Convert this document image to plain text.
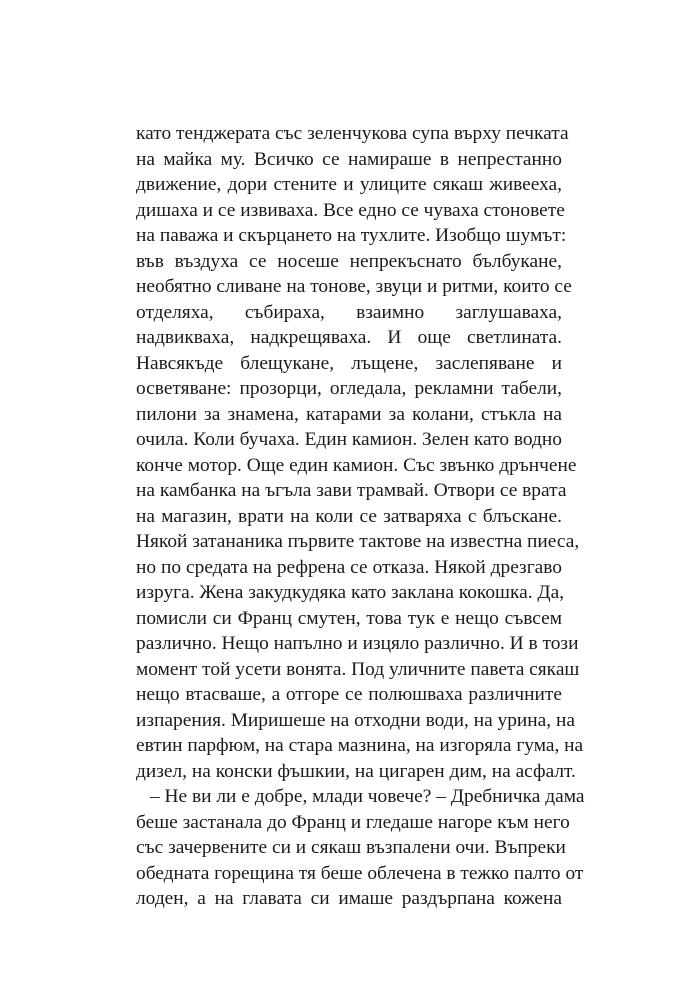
като тенджерата със зеленчукова супа върху печката
на майка му. Всичко се намираше в непрестанно
движение, дори стените и улиците сякаш живееха,
дишаха и се извиваха. Все едно се чуваха стоновете
на паважа и скърцането на тухлите. Изобщо шумът:
във въздуха се носеше непрекъснато бълбукане,
необятно сливане на тонове, звуци и ритми, които се
отделяха, събираха, взаимно заглушаваха,
надвикваха, надкрещяваха. И още светлината.
Навсякъде блещукане, лъщене, заслепяване и
осветяване: прозорци, огледала, рекламни табели,
пилони за знамена, катарами за колани, стъкла на
очила. Коли бучаха. Един камион. Зелен като водно
конче мотор. Още един камион. Със звънко дрънчене
на камбанка на ъгъла зави трамвай. Отвори се врата
на магазин, врати на коли се затваряха с блъскане.
Някой затананика първите тактове на известна пиеса,
но по средата на рефрена се отказа. Някой дрезгаво
изруга. Жена закудкудяка като заклана кокошка. Да,
помисли си Франц смутен, това тук е нещо съвсем
различно. Нещо напълно и изцяло различно. И в този
момент той усети вонята. Под уличните павета сякаш
нещо втасваше, а отгоре се полюшваха различните
изпарения. Миришеше на отходни води, на урина, на
евтин парфюм, на стара мазнина, на изгоряла гума, на
дизел, на конски фъшкии, на цигарен дим, на асфалт.
– Не ви ли е добре, млади човече? – Дребничка дама
беше застанала до Франц и гледаше нагоре към него
със зачервените си и сякаш възпалени очи. Въпреки
обедната горещина тя беше облечена в тежко палто от
лоден, а на главата си имаше раздърпана кожена
